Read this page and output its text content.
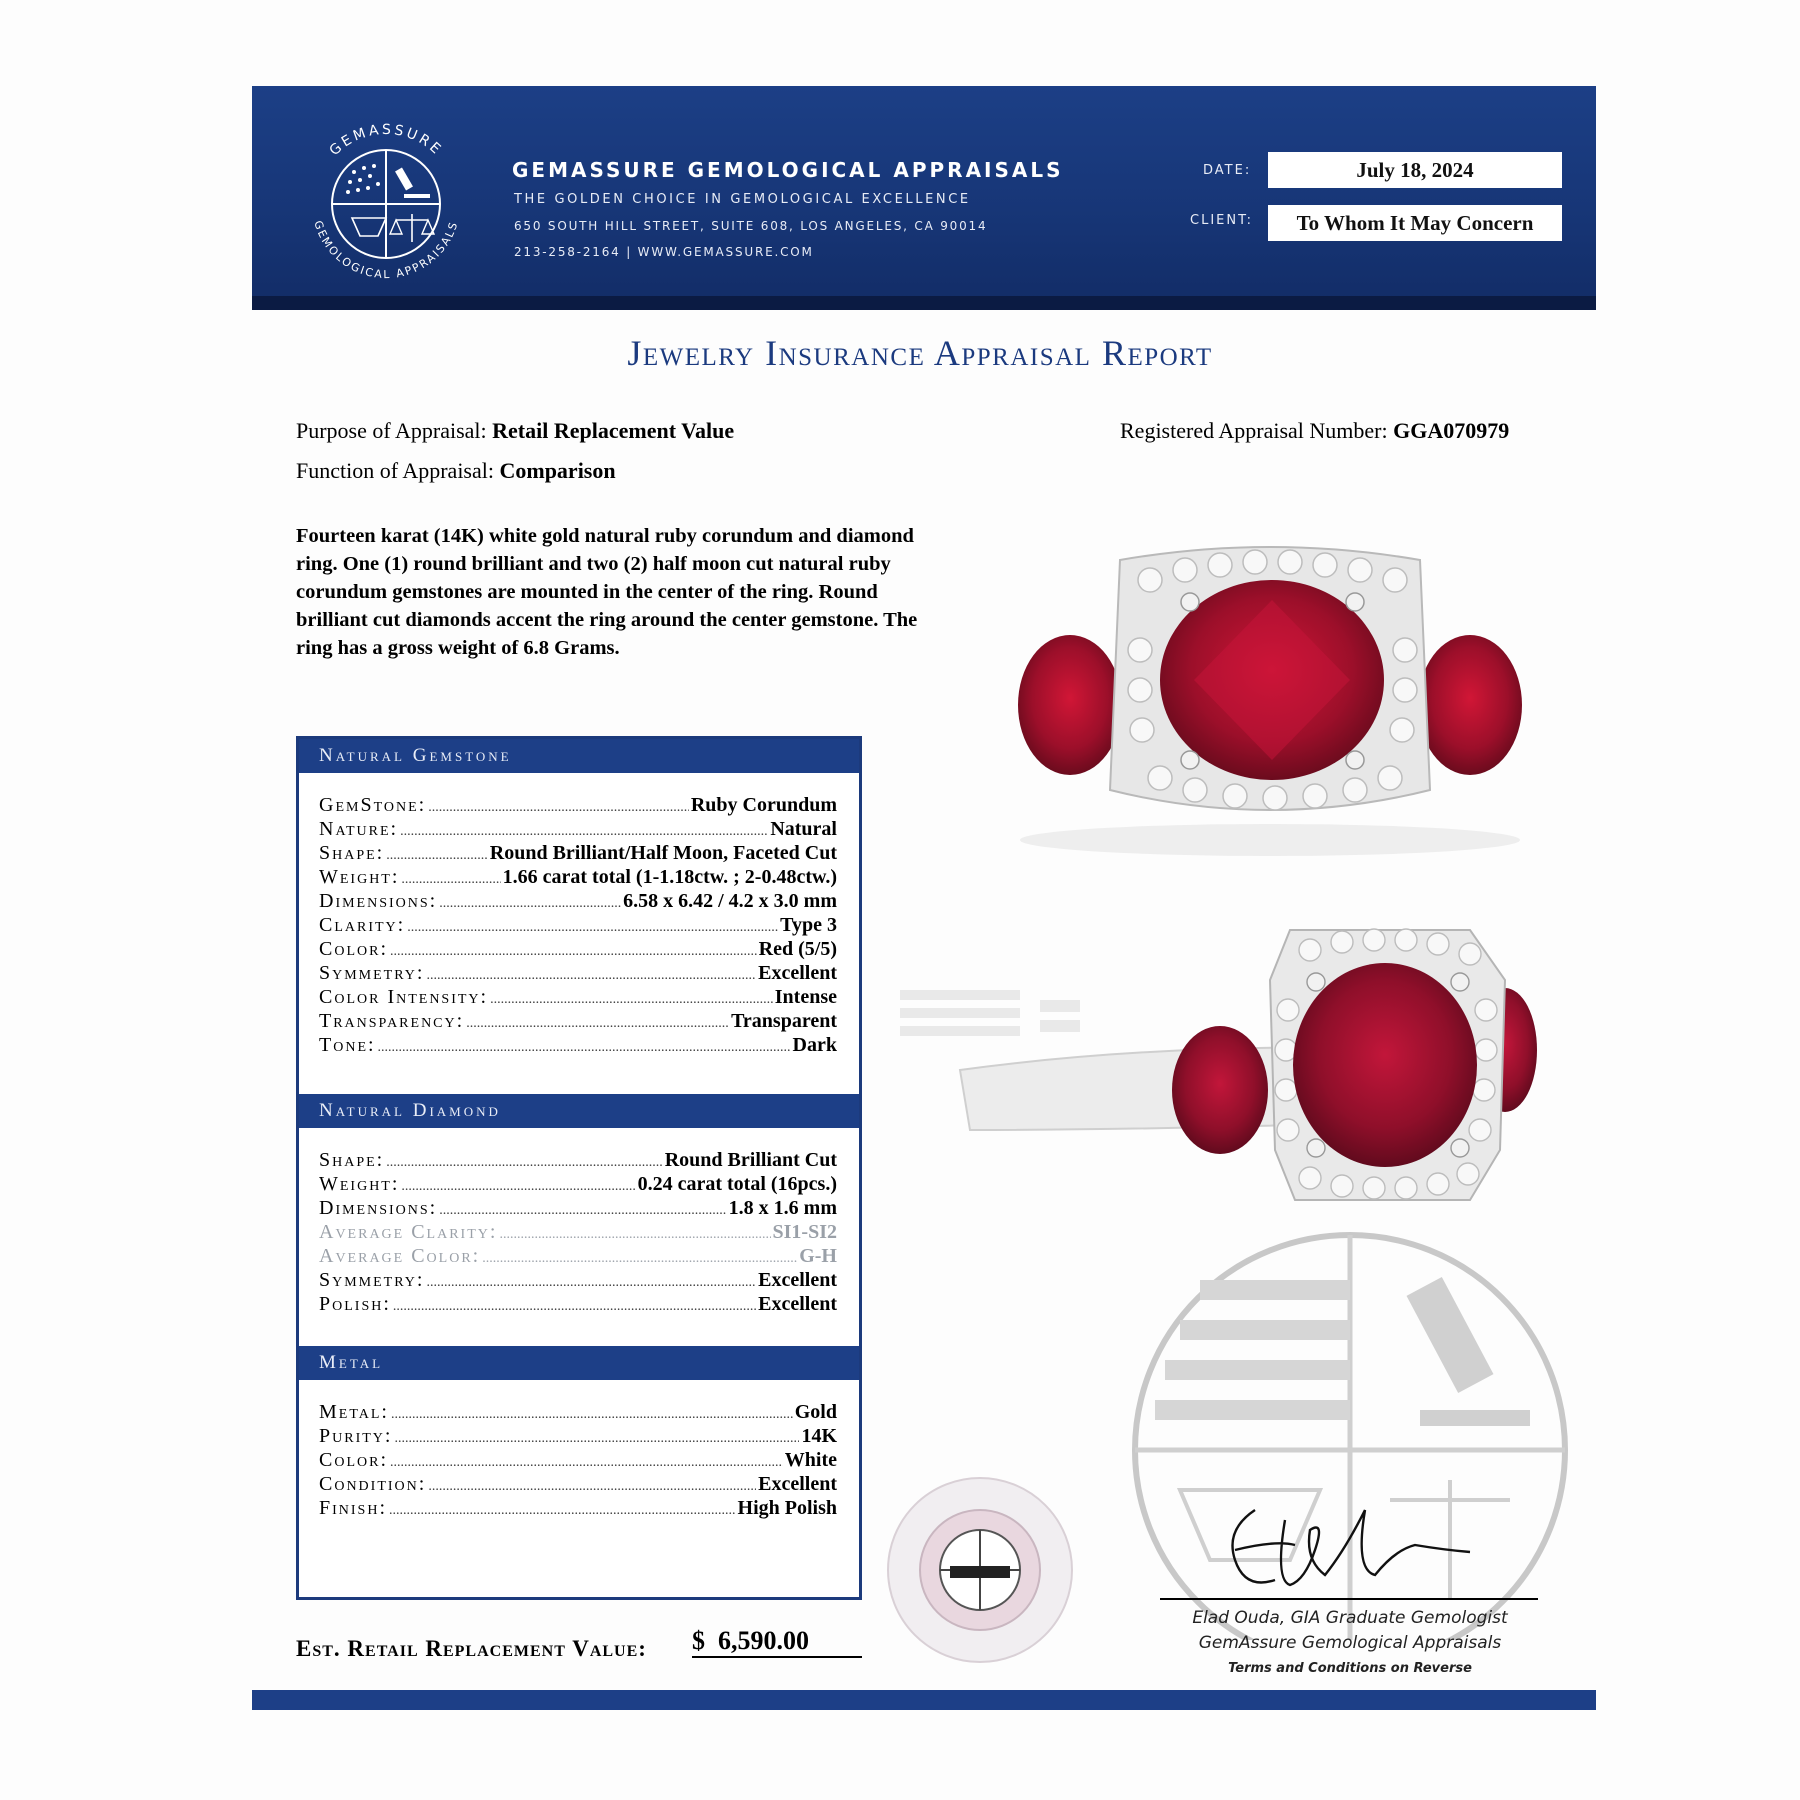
GEMASSURE
GEMOLOGICAL APPRAISALS
GEMASSURE GEMOLOGICAL APPRAISALS
THE GOLDEN CHOICE IN GEMOLOGICAL EXCELLENCE
650 SOUTH HILL STREET, SUITE 608, LOS ANGELES, CA 90014
213-258-2164 | WWW.GEMASSURE.COM
DATE:	July 18, 2024
CLIENT:	To Whom It May Concern
Jewelry Insurance Appraisal Report
Purpose of Appraisal: Retail Replacement Value
Function of Appraisal: Comparison
Registered Appraisal Number: GGA070979
Fourteen karat (14K) white gold natural ruby corundum and diamond ring. One (1) round brilliant and two (2) half moon cut natural ruby corundum gemstones are mounted in the center of the ring. Round brilliant cut diamonds accent the ring around the center gemstone. The ring has a gross weight of 6.8 Grams.
Natural Gemstone
GemStone: .....	Ruby Corundum
Nature: .....	Natural
Shape: .....	Round Brilliant/Half Moon, Faceted Cut
Weight: .....	1.66 carat total (1-1.18ctw. ; 2-0.48ctw.)
Dimensions: .....	6.58 x 6.42 / 4.2 x 3.0 mm
Clarity: .....	Type 3
Color: .....	Red (5/5)
Symmetry: .....	Excellent
Color Intensity: .....	Intense
Transparency: .....	Transparent
Tone: .....	Dark
Natural Diamond
Shape: .....	Round Brilliant Cut
Weight: .....	0.24 carat total (16pcs.)
Dimensions: .....	1.8 x 1.6 mm
Average Clarity: .....	SI1-SI2
Average Color: .....	G-H
Symmetry: .....	Excellent
Polish: .....	Excellent
Metal
Metal: .....	Gold
Purity: .....	14K
Color: .....	White
Condition: .....	Excellent
Finish: .....	High Polish
Est. Retail Replacement Value: $ 6,590.00
Elad Ouda, GIA Graduate Gemologist
GemAssure Gemological Appraisals
Terms and Conditions on Reverse
